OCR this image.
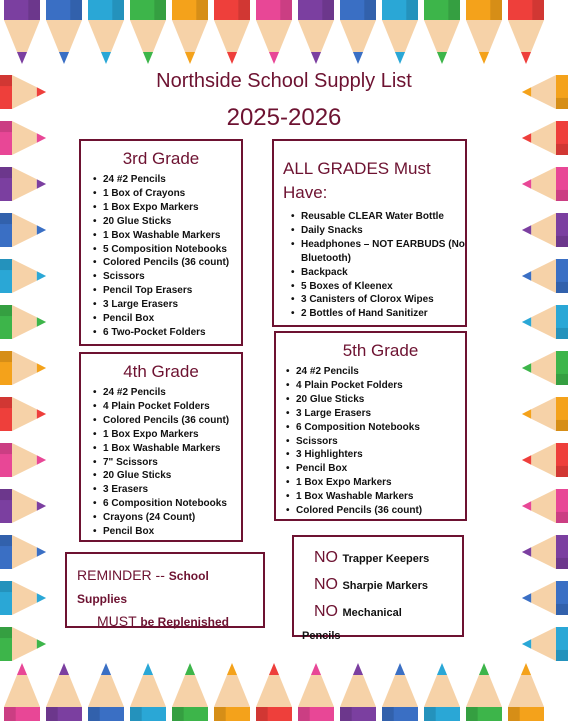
Northside School Supply List
2025-2026
3rd Grade
• 24 #2 Pencils
• 1 Box of Crayons
• 1 Box Expo Markers
• 20 Glue Sticks
• 1 Box Washable Markers
• 5 Composition Notebooks
• Colored Pencils (36 count)
• Scissors
• Pencil Top Erasers
• 3 Large Erasers
• Pencil Box
• 6 Two-Pocket Folders
ALL GRADES Must Have:
• Reusable CLEAR Water Bottle
• Daily Snacks
• Headphones – NOT EARBUDS (No Bluetooth)
• Backpack
• 5 Boxes of Kleenex
• 3 Canisters of Clorox Wipes
• 2 Bottles of Hand Sanitizer
4th Grade
• 24 #2 Pencils
• 4 Plain Pocket Folders
• Colored Pencils (36 count)
• 1 Box Expo Markers
• 1 Box Washable Markers
• 7" Scissors
• 20 Glue Sticks
• 3 Erasers
• 6 Composition Notebooks
• Crayons (24 Count)
• Pencil Box
5th Grade
• 24 #2 Pencils
• 4 Plain Pocket Folders
• 20 Glue Sticks
• 3 Large Erasers
• 6 Composition Notebooks
• Scissors
• 3 Highlighters
• Pencil Box
• 1 Box Expo Markers
• 1 Box Washable Markers
• Colored Pencils (36 count)
REMINDER -- School
Supplies
MUST be Replenished
NO Trapper Keepers
NO Sharpie Markers
NO Mechanical
Pencils
